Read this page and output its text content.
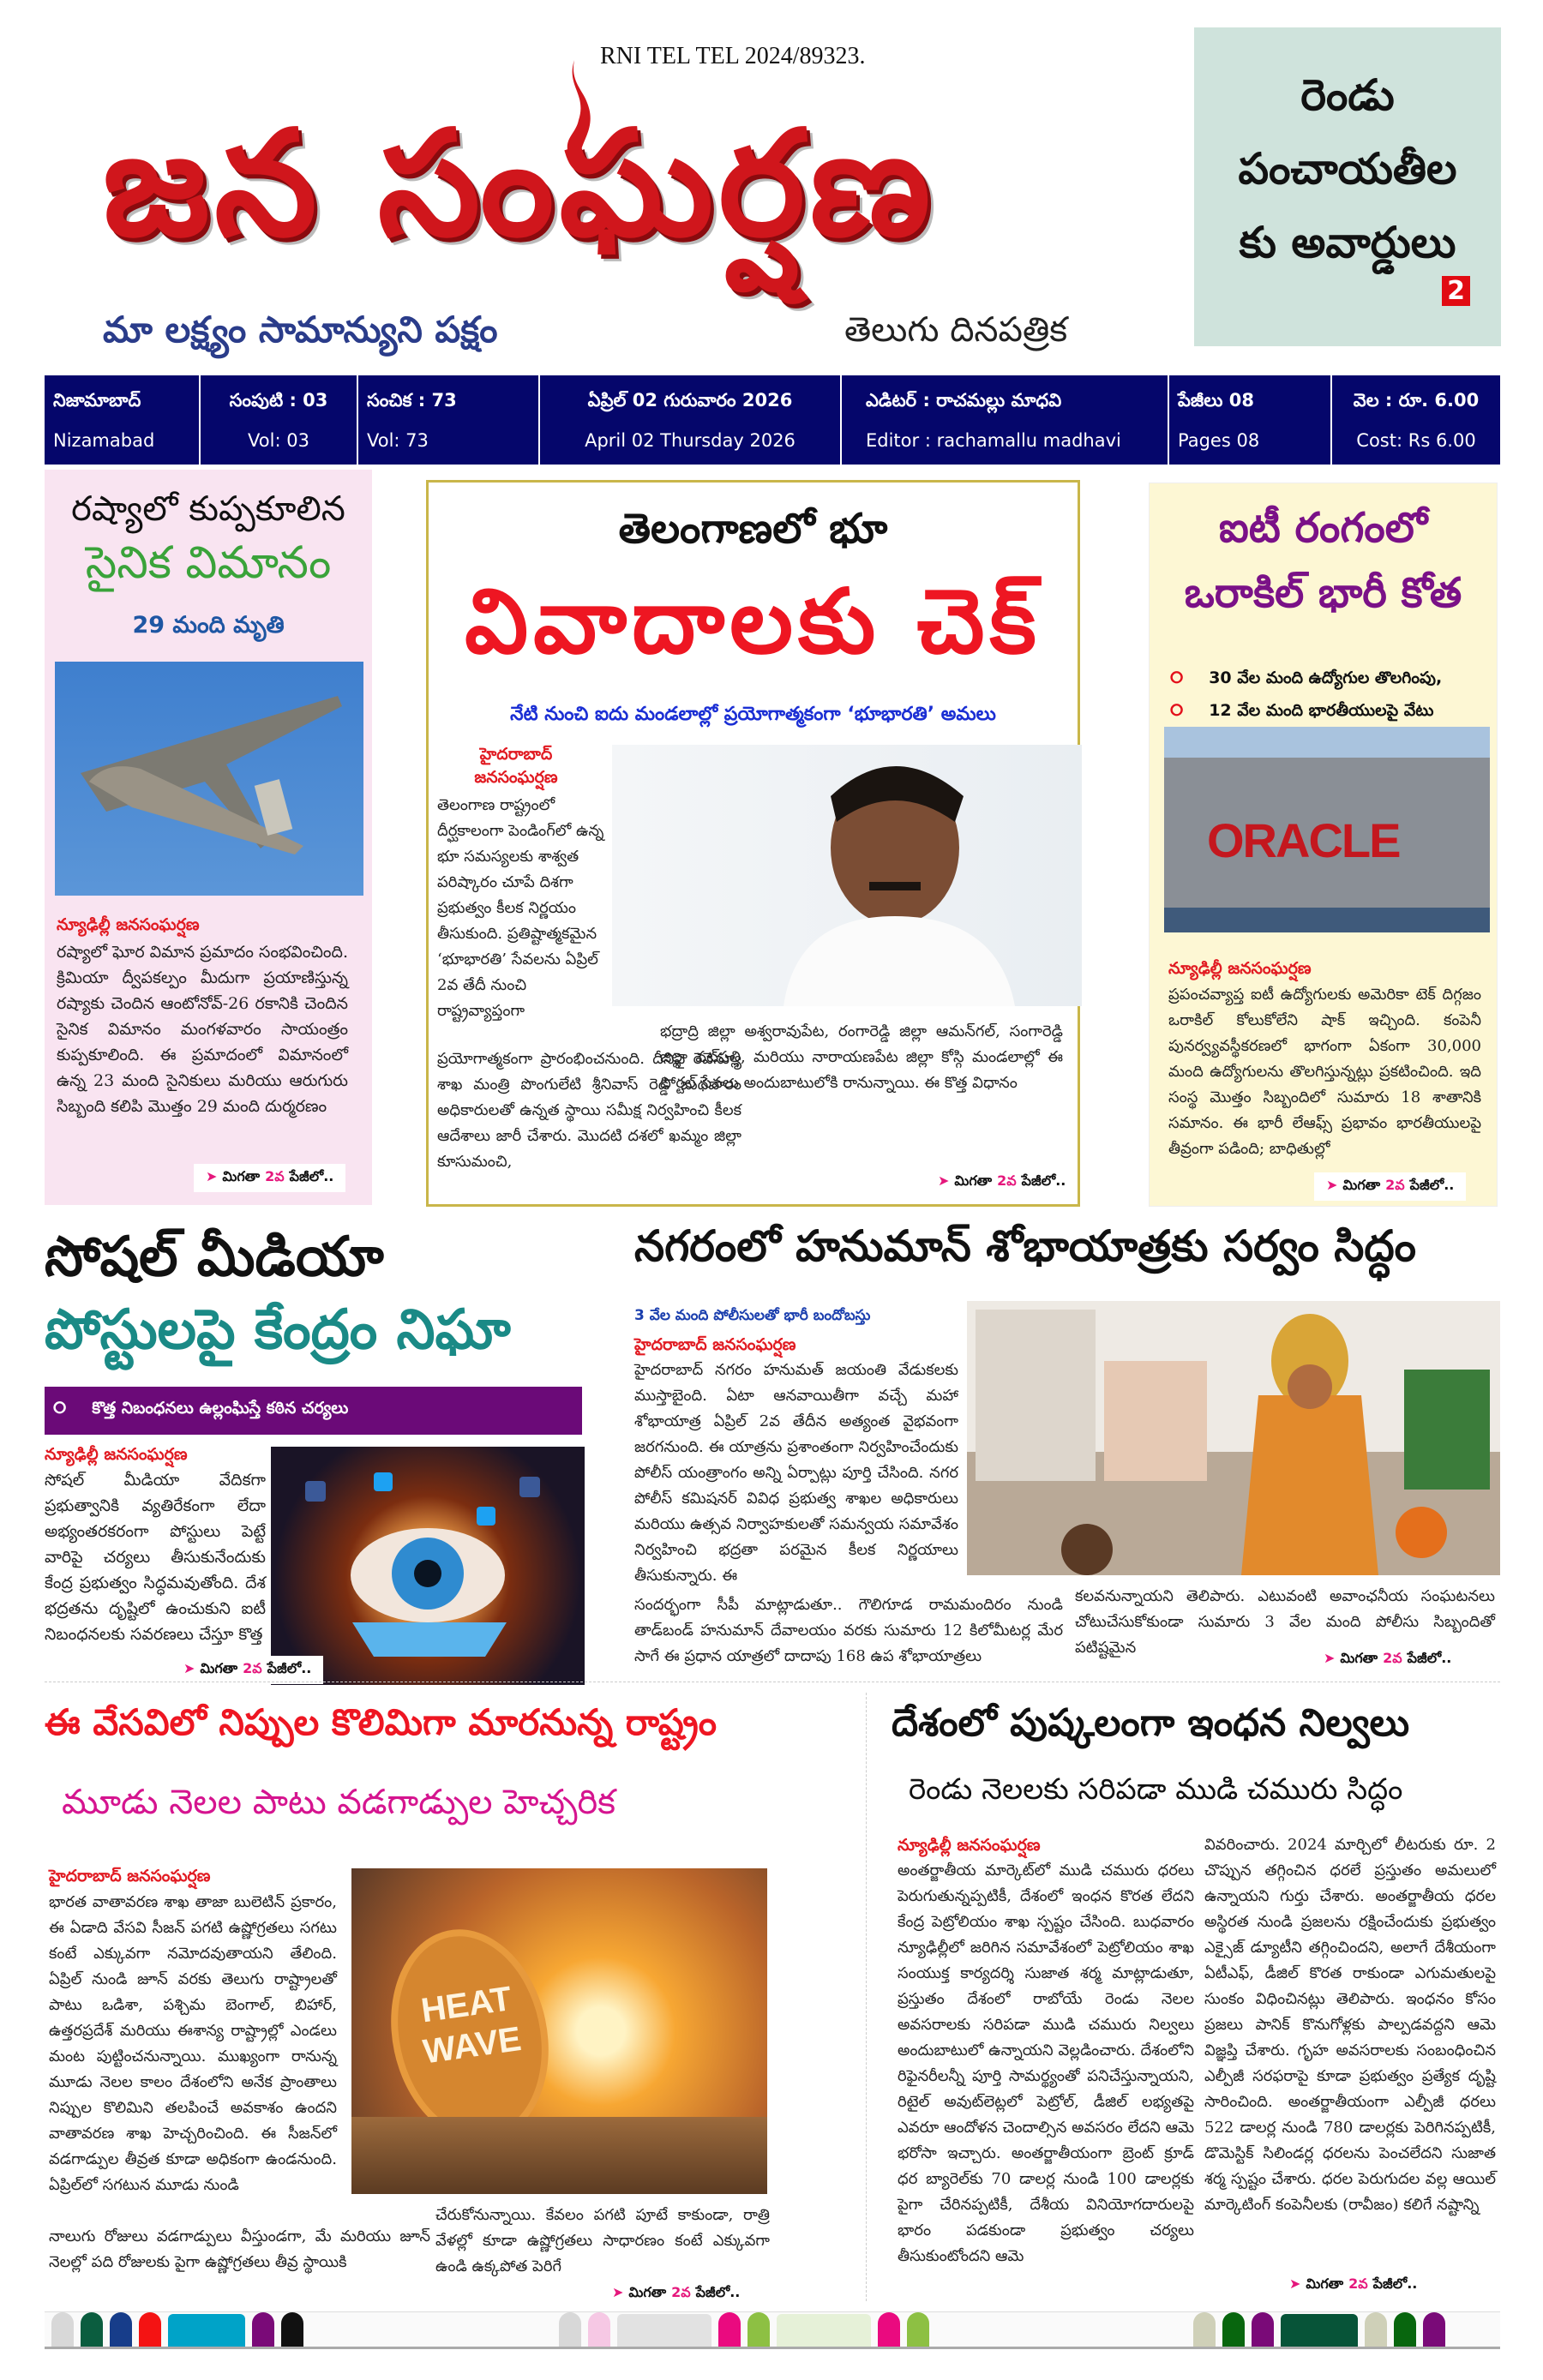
RNI TEL TEL 2024/89323.
జన సంఘర్షణ
మా లక్ష్యం సామాన్యుని పక్షం	తెలుగు దినపత్రిక
రెండు
పంచాయతీల
కు అవార్డులు
2
నిజామాబాద్
Nizamabad
సంపుటి : 03
Vol: 03
సంచిక : 73
Vol: 73
ఏప్రిల్ 02 గురువారం 2026
April 02 Thursday 2026
ఎడిటర్ : రాచమల్లు మాధవి
Editor : rachamallu madhavi
పేజీలు 08
Pages 08
వెల : రూ. 6.00
Cost: Rs 6.00
రష్యాలో కుప్పకూలిన
సైనిక విమానం
29 మంది మృతి
న్యూఢిల్లీ జనసంఘర్షణ
రష్యాలో ఘోర విమాన ప్రమాదం సంభవించింది. క్రిమియా ద్వీపకల్పం మీదుగా ప్రయాణిస్తున్న రష్యాకు చెందిన ఆంటోనోవ్-26 రకానికి చెందిన సైనిక విమానం మంగళవారం సాయంత్రం కుప్పకూలింది. ఈ ప్రమాదంలో విమానంలో ఉన్న 23 మంది సైనికులు మరియు ఆరుగురు సిబ్బంది కలిపి మొత్తం 29 మంది దుర్మరణం
➤ మిగతా 2వ పేజీలో..
తెలంగాణలో భూ
వివాదాలకు చెక్
నేటి నుంచి ఐదు మండలాల్లో ప్రయోగాత్మకంగా ‘భూభారతి’ అమలు
హైదరాబాద్
జనసంఘర్షణ
తెలంగాణ రాష్ట్రంలో దీర్ఘకాలంగా పెండింగ్‌లో ఉన్న భూ సమస్యలకు శాశ్వత పరిష్కారం చూపే దిశగా ప్రభుత్వం కీలక నిర్ణయం తీసుకుంది. ప్రతిష్టాత్మకమైన ‘భూభారతి’ సేవలను ఏప్రిల్ 2వ తేదీ నుంచి రాష్ట్రవ్యాప్తంగా
ప్రయోగాత్మకంగా ప్రారంభించనుంది. దీనిపై రెవెన్యూ శాఖ మంత్రి పొంగులేటి శ్రీనివాస్ రెడ్డి బుధవారం అధికారులతో ఉన్నత స్థాయి సమీక్ష నిర్వహించి కీలక ఆదేశాలు జారీ చేశారు. మొదటి దశలో ఖమ్మం జిల్లా కూసుమంచి,
భద్రాద్రి జిల్లా అశ్వరావుపేట, రంగారెడ్డి జిల్లా ఆమన్‌గల్, సంగారెడ్డి జిల్లా వట్‌పల్లి, మరియు నారాయణపేట జిల్లా కోస్గి మండలాల్లో ఈ పోర్టల్ సేవలు అందుబాటులోకి రానున్నాయి. ఈ కొత్త విధానం
➤ మిగతా 2వ పేజీలో..
ఐటీ రంగంలో
ఒరాకిల్ భారీ కోత
⭘ 30 వేల మంది ఉద్యోగుల తొలగింపు,
⭘ 12 వేల మంది భారతీయులపై వేటు
ORACLE
న్యూఢిల్లీ జనసంఘర్షణ
ప్రపంచవ్యాప్త ఐటీ ఉద్యోగులకు అమెరికా టెక్ దిగ్గజం ఒరాకిల్ కోలుకోలేని షాక్ ఇచ్చింది. కంపెనీ పునర్వ్యవస్థీకరణలో భాగంగా ఏకంగా 30,000 మంది ఉద్యోగులను తొలగిస్తున్నట్లు ప్రకటించింది. ఇది సంస్థ మొత్తం సిబ్బందిలో సుమారు 18 శాతానికి సమానం. ఈ భారీ లేఆఫ్స్ ప్రభావం భారతీయులపై తీవ్రంగా పడింది; బాధితుల్లో
➤ మిగతా 2వ పేజీలో..
సోషల్ మీడియా
పోస్టులపై కేంద్రం నిఘా
⭘ కొత్త నిబంధనలు ఉల్లంఘిస్తే కఠిన చర్యలు
న్యూఢిల్లీ జనసంఘర్షణ
సోషల్ మీడియా వేదికగా ప్రభుత్వానికి వ్యతిరేకంగా లేదా అభ్యంతరకరంగా పోస్టులు పెట్టే వారిపై చర్యలు తీసుకునేందుకు కేంద్ర ప్రభుత్వం సిద్ధమవుతోంది. దేశ భద్రతను దృష్టిలో ఉంచుకుని ఐటీ నిబంధనలకు సవరణలు చేస్తూ కొత్త
➤ మిగతా 2వ పేజీలో..
నగరంలో హనుమాన్ శోభాయాత్రకు సర్వం సిద్ధం
3 వేల మంది పోలీసులతో భారీ బందోబస్తు
హైదరాబాద్ జనసంఘర్షణ
హైదరాబాద్ నగరం హనుమత్ జయంతి వేడుకలకు ముస్తాబైంది. ఏటా ఆనవాయితీగా వచ్చే మహా శోభాయాత్ర ఏప్రిల్ 2వ తేదీన అత్యంత వైభవంగా జరగనుంది. ఈ యాత్రను ప్రశాంతంగా నిర్వహించేందుకు పోలీస్ యంత్రాంగం అన్ని ఏర్పాట్లు పూర్తి చేసింది. నగర పోలీస్ కమిషనర్ వివిధ ప్రభుత్వ శాఖల అధికారులు మరియు ఉత్సవ నిర్వాహకులతో సమన్వయ సమావేశం నిర్వహించి భద్రతా పరమైన కీలక నిర్ణయాలు తీసుకున్నారు. ఈ
కలవనున్నాయని తెలిపారు. ఎటువంటి అవాంఛనీయ సంఘటనలు చోటుచేసుకోకుండా సుమారు 3 వేల మంది పోలీసు సిబ్బందితో పటిష్టమైన
➤ మిగతా 2వ పేజీలో..
సందర్భంగా సీపీ మాట్లాడుతూ.. గౌలిగూడ రామమందిరం నుండి తాడ్‌బండ్ హనుమాన్ దేవాలయం వరకు సుమారు 12 కిలోమీటర్ల మేర సాగే ఈ ప్రధాన యాత్రలో దాదాపు 168 ఉప శోభాయాత్రలు
ఈ వేసవిలో నిప్పుల కొలిమిగా మారనున్న రాష్ట్రం
మూడు నెలల పాటు వడగాడ్పుల హెచ్చరిక
హైదరాబాద్ జనసంఘర్షణ
భారత వాతావరణ శాఖ తాజా బులెటిన్ ప్రకారం, ఈ ఏడాది వేసవి సీజన్ పగటి ఉష్ణోగ్రతలు సగటు కంటే ఎక్కువగా నమోదవుతాయని తేలింది. ఏప్రిల్ నుండి జూన్ వరకు తెలుగు రాష్ట్రాలతో పాటు ఒడిశా, పశ్చిమ బెంగాల్, బిహార్, ఉత్తరప్రదేశ్ మరియు ఈశాన్య రాష్ట్రాల్లో ఎండలు మంట పుట్టించనున్నాయి. ముఖ్యంగా రానున్న మూడు నెలల కాలం దేశంలోని అనేక ప్రాంతాలు నిప్పుల కొలిమిని తలపించే అవకాశం ఉందని వాతావరణ శాఖ హెచ్చరించింది. ఈ సీజన్‌లో వడగాడ్పుల తీవ్రత కూడా అధికంగా ఉండనుంది. ఏప్రిల్‌లో సగటున మూడు నుండి
నాలుగు రోజులు వడగాడ్పులు వీస్తుండగా, మే మరియు జూన్ నెలల్లో పది రోజులకు పైగా ఉష్ణోగ్రతలు తీవ్ర స్థాయికి
HEAT
WAVE
చేరుకోనున్నాయి. కేవలం పగటి పూటే కాకుండా, రాత్రి వేళల్లో కూడా ఉష్ణోగ్రతలు సాధారణం కంటే ఎక్కువగా ఉండి ఉక్కపోత పెరిగే
➤ మిగతా 2వ పేజీలో..
దేశంలో పుష్కలంగా ఇంధన నిల్వలు
రెండు నెలలకు సరిపడా ముడి చమురు సిద్ధం
న్యూఢిల్లీ జనసంఘర్షణ
అంతర్జాతీయ మార్కెట్‌లో ముడి చమురు ధరలు పెరుగుతున్నప్పటికీ, దేశంలో ఇంధన కొరత లేదని కేంద్ర పెట్రోలియం శాఖ స్పష్టం చేసింది. బుధవారం న్యూఢిల్లీలో జరిగిన సమావేశంలో పెట్రోలియం శాఖ సంయుక్త కార్యదర్శి సుజాత శర్మ మాట్లాడుతూ, ప్రస్తుతం దేశంలో రాబోయే రెండు నెలల అవసరాలకు సరిపడా ముడి చమురు నిల్వలు అందుబాటులో ఉన్నాయని వెల్లడించారు. దేశంలోని రిఫైనరీలన్నీ పూర్తి సామర్థ్యంతో పనిచేస్తున్నాయని, రిటైల్ అవుట్‌లెట్లలో పెట్రోల్, డీజిల్ లభ్యతపై ఎవరూ ఆందోళన చెందాల్సిన అవసరం లేదని ఆమె భరోసా ఇచ్చారు. అంతర్జాతీయంగా బ్రెంట్ క్రూడ్ ధర బ్యారెల్‌కు 70 డాలర్ల నుండి 100 డాలర్లకు పైగా చేరినప్పటికీ, దేశీయ వినియోగదారులపై భారం పడకుండా ప్రభుత్వం చర్యలు తీసుకుంటోందని ఆమె
వివరించారు. 2024 మార్చిలో లీటరుకు రూ. 2 చొప్పున తగ్గించిన ధరలే ప్రస్తుతం అమలులో ఉన్నాయని గుర్తు చేశారు. అంతర్జాతీయ ధరల అస్థిరత నుండి ప్రజలను రక్షించేందుకు ప్రభుత్వం ఎక్సైజ్ డ్యూటీని తగ్గించిందని, అలాగే దేశీయంగా ఏటీఎఫ్, డీజిల్ కొరత రాకుండా ఎగుమతులపై సుంకం విధించినట్లు తెలిపారు. ఇంధనం కోసం ప్రజలు పానిక్ కొనుగోళ్లకు పాల్పడవద్దని ఆమె విజ్ఞప్తి చేశారు. గృహ అవసరాలకు సంబంధించిన ఎల్పీజీ సరఫరాపై కూడా ప్రభుత్వం ప్రత్యేక దృష్టి సారించింది. అంతర్జాతీయంగా ఎల్పీజీ ధరలు 522 డాలర్ల నుండి 780 డాలర్లకు పెరిగినప్పటికీ, డొమెస్టిక్ సిలిండర్ల ధరలను పెంచలేదని సుజాత శర్మ స్పష్టం చేశారు. ధరల పెరుగుదల వల్ల ఆయిల్ మార్కెటింగ్ కంపెనీలకు (రావీజం) కలిగే నష్టాన్ని
➤ మిగతా 2వ పేజీలో..
